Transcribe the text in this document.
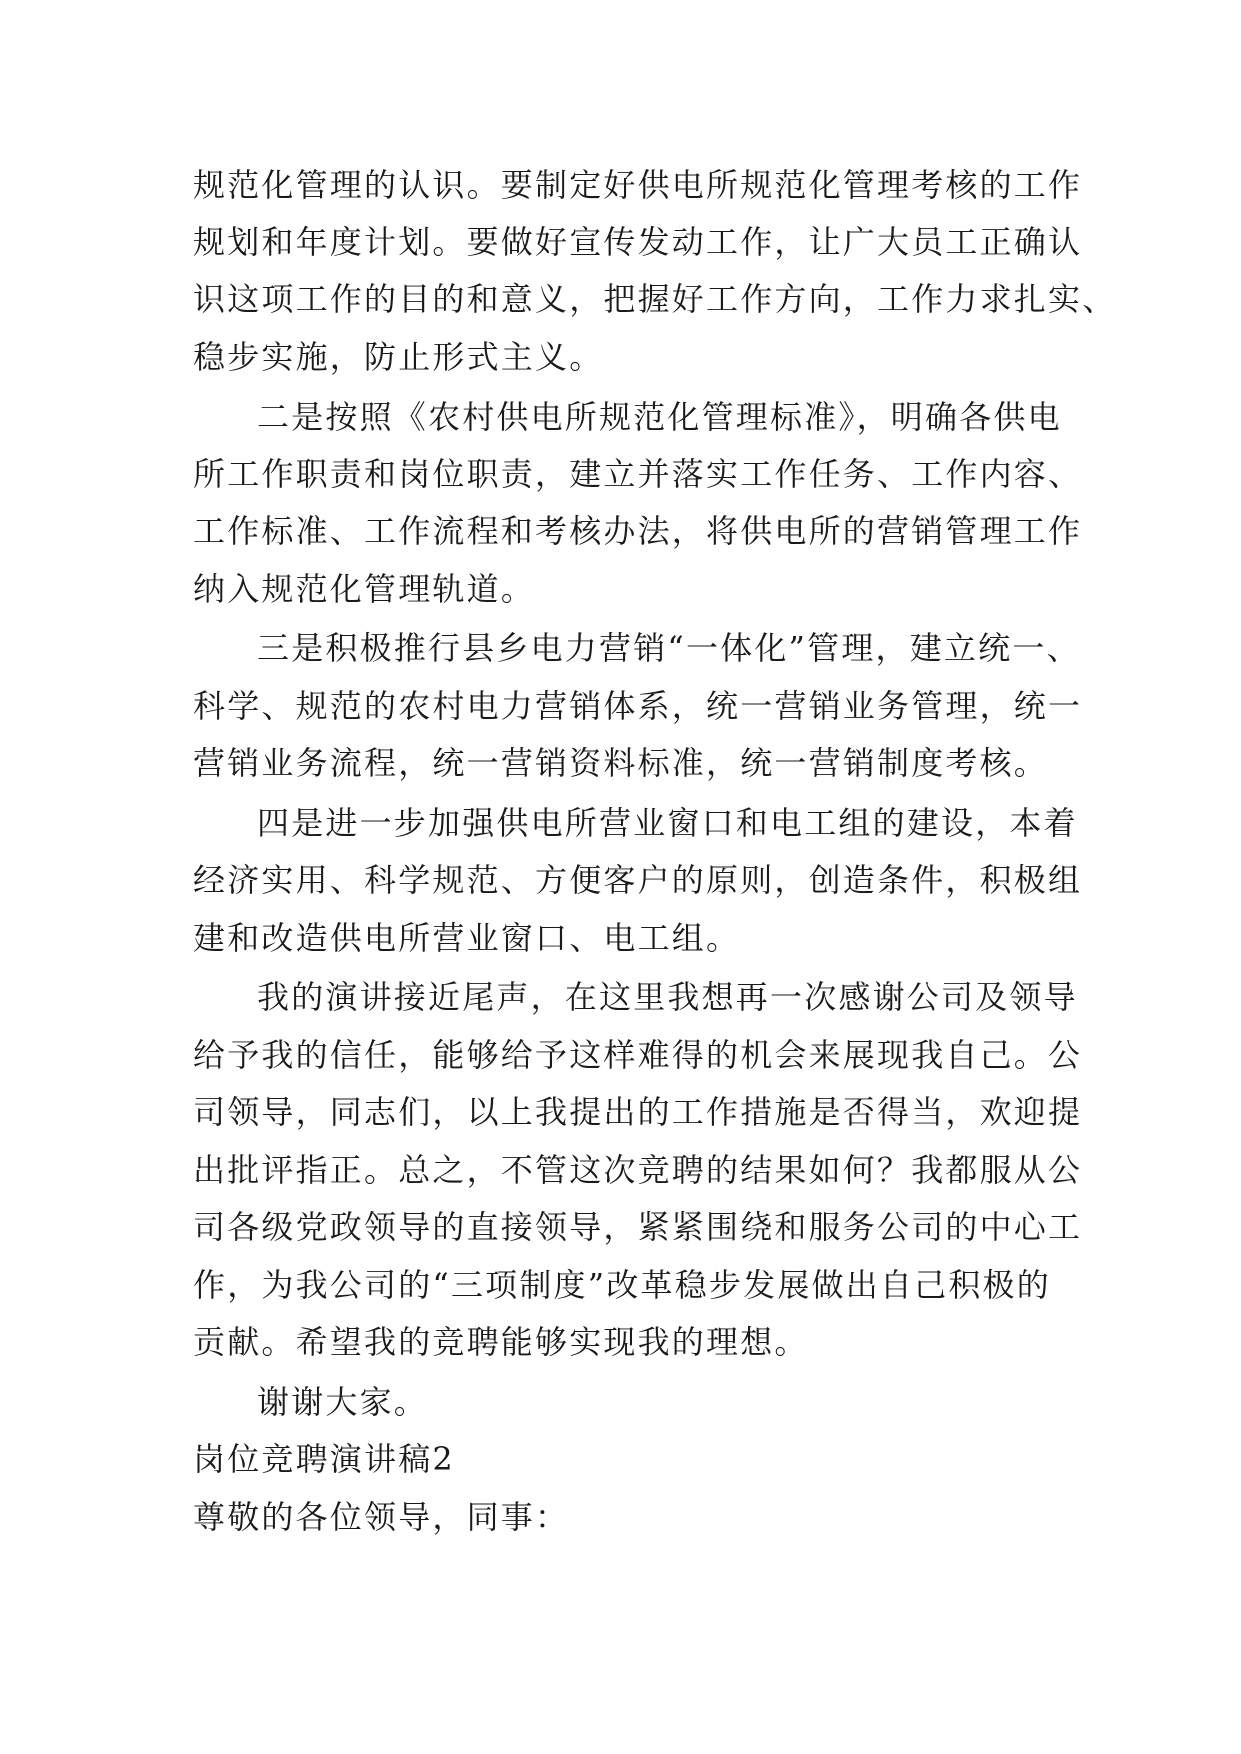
规范化管理的认识。要制定好供电所规范化管理考核的工作

规划和年度计划。要做好宣传发动工作，让广大员工正确认

识这项工作的目的和意义，把握好工作方向，工作力求扎实、

稳步实施，防止形式主义。

二是按照《农村供电所规范化管理标准》，明确各供电

所工作职责和岗位职责，建立并落实工作任务、工作内容、

工作标准、工作流程和考核办法，将供电所的营销管理工作

纳入规范化管理轨道。

三是积极推行县乡电力营销“一体化”管理，建立统一、

科学、规范的农村电力营销体系，统一营销业务管理，统一

营销业务流程，统一营销资料标准，统一营销制度考核。

四是进一步加强供电所营业窗口和电工组的建设，本着

经济实用、科学规范、方便客户的原则，创造条件，积极组

建和改造供电所营业窗口、电工组。

我的演讲接近尾声，在这里我想再一次感谢公司及领导

给予我的信任，能够给予这样难得的机会来展现我自己。公

司领导，同志们，以上我提出的工作措施是否得当，欢迎提

出批评指正。总之，不管这次竞聘的结果如何？我都服从公

司各级党政领导的直接领导，紧紧围绕和服务公司的中心工

作，为我公司的“三项制度”改革稳步发展做出自己积极的

贡献。希望我的竞聘能够实现我的理想。

谢谢大家。

岗位竞聘演讲稿2

尊敬的各位领导，同事：
